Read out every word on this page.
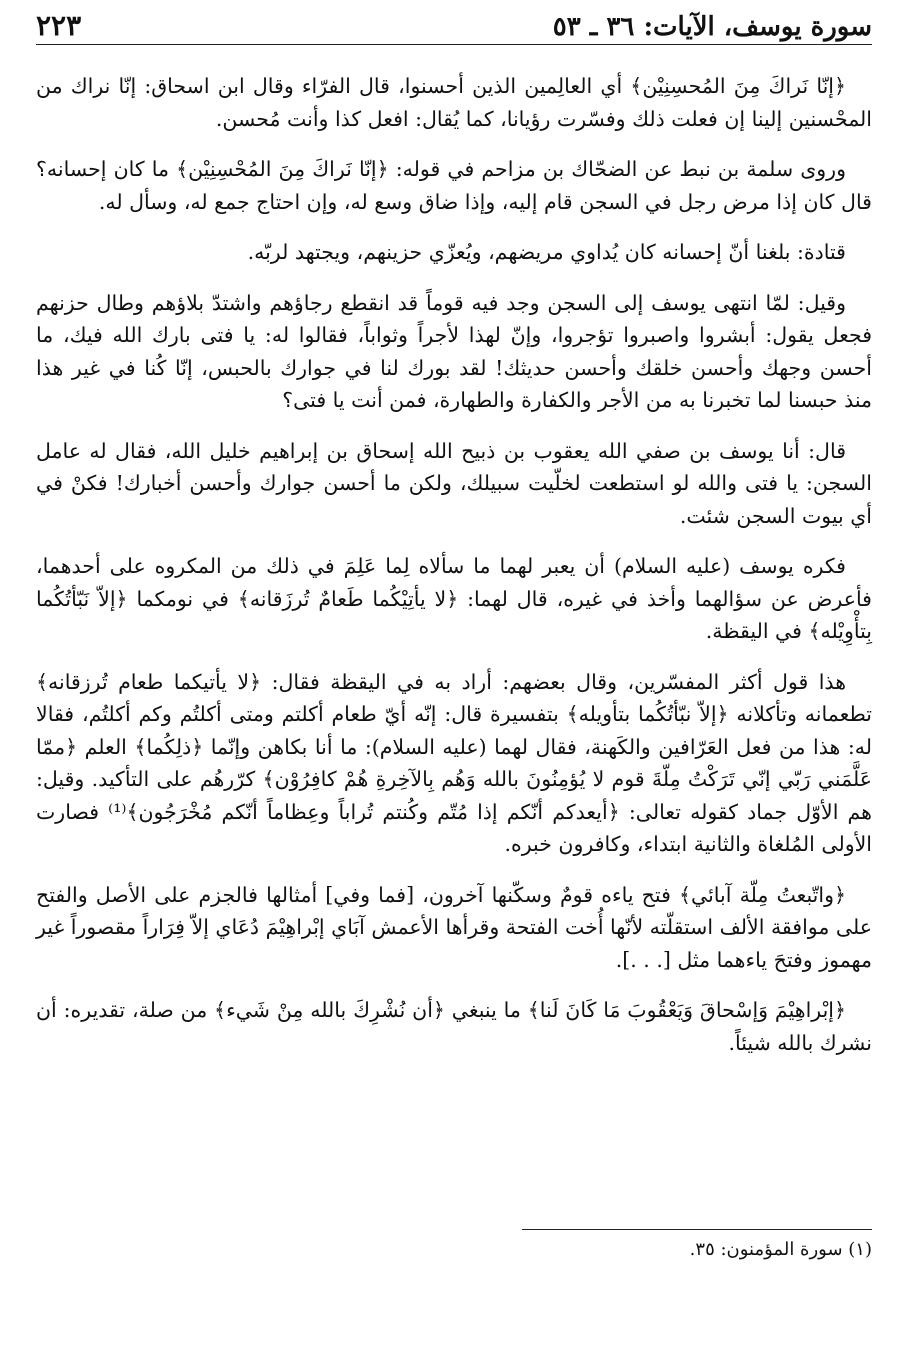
سورة يوسف، الآيات: ٣٦ ـ ٥٣
٢٢٣

﴿إنّا نَراكَ مِنَ المُحسِنِيْن﴾ أي العالِمين الذين أحسنوا، قال الفرّاء وقال ابن اسحاق: إنّا نراك من المحْسنين إلينا إن فعلت ذلك وفسّرت رؤيانا، كما يُقال: افعل كذا وأنت مُحسن.

وروى سلمة بن نبط عن الضحّاك بن مزاحم في قوله: ﴿إنّا نَراكَ مِنَ المُحْسِنِيْن﴾ ما كان إحسانه؟ قال كان إذا مرض رجل في السجن قام إليه، وإذا ضاق وسع له، وإن احتاج جمع له، وسأل له.

قتادة: بلغنا أنّ إحسانه كان يُداوي مريضهم، ويُعزّي حزينهم، ويجتهد لربّه.

وقيل: لمّا انتهى يوسف إلى السجن وجد فيه قوماً قد انقطع رجاؤهم واشتدّ بلاؤهم وطال حزنهم فجعل يقول: أبشروا واصبروا تؤجروا، وإنّ لهذا لأجراً وثواباً، فقالوا له: يا فتى بارك الله فيك، ما أحسن وجهك وأحسن خلقك وأحسن حديثك! لقد بورك لنا في جوارك بالحبس، إنّا كُنا في غير هذا منذ حبسنا لما تخبرنا به من الأجر والكفارة والطهارة، فمن أنت يا فتى؟

قال: أنا يوسف بن صفي الله يعقوب بن ذبيح الله إسحاق بن إبراهيم خليل الله، فقال له عامل السجن: يا فتى والله لو استطعت لخلّيت سبيلك، ولكن ما أحسن جوارك وأحسن أخبارك! فكنْ في أي بيوت السجن شئت.

فكره يوسف (عليه السلام) أن يعبر لهما ما سألاه لِما عَلِمَ في ذلك من المكروه على أحدهما، فأعرض عن سؤالهما وأخذ في غيره، قال لهما: ﴿لا يأتِيْكُما طَعامٌ تُرزَقانه﴾ في نومكما ﴿إلاّ نَبّأتُكُما بِتأْوِيْله﴾ في اليقظة.

هذا قول أكثر المفسّرين، وقال بعضهم: أراد به في اليقظة فقال: ﴿لا يأتيكما طعام تُرزقانه﴾ تطعمانه وتأكلانه ﴿إلاّ نبّأتُكُما بتأويله﴾ بتفسيرة قال: إنّه أيّ طعام أكلتم ومتى أكلتُم وكم أكلتُم، فقالا له: هذا من فعل العَرّافين والكَهنة، فقال لهما (عليه السلام): ما أنا بكاهن وإنّما ﴿ذلِكُما﴾ العلم ﴿ممّا عَلَّمَني رَبّي إنّي تَرَكْتُ مِلّةَ قوم لا يُؤمِنُونَ بالله وَهُم بِالآخِرةِ هُمْ كافِرُوْن﴾ كرّرهُم على التأكيد. وقيل: هم الأوّل جماد كقوله تعالى: ﴿أيعدكم أنّكم إذا مُتّم وكُنتم تُراباً وعِظاماً أنّكم مُخْرَجُون﴾⁽¹⁾ فصارت الأولى المُلغاة والثانية ابتداء، وكافرون خبره.

﴿واتّبعتُ مِلّة آبائي﴾ فتح ياءه قومٌ وسكّنها آخرون، [فما وفي] أمثالها فالجزم على الأصل والفتح على موافقة الألف استقلّته لأنّها أُخت الفتحة وقرأها الأعمش آبَاي إبْراهِيْمَ دُعَاي إلاّ فِرَاراً مقصوراً غير مهموز وفتحَ ياءهما مثل [. . .].

﴿إبْراهِيْمَ وَإسْحاقَ وَيَعْقُوبَ مَا كَانَ لَنا﴾ ما ينبغي ﴿أن نُشْرِكَ بالله مِنْ شَيء﴾ من صلة، تقديره: أن نشرك بالله شيئاً.

(١) سورة المؤمنون: ٣٥.
